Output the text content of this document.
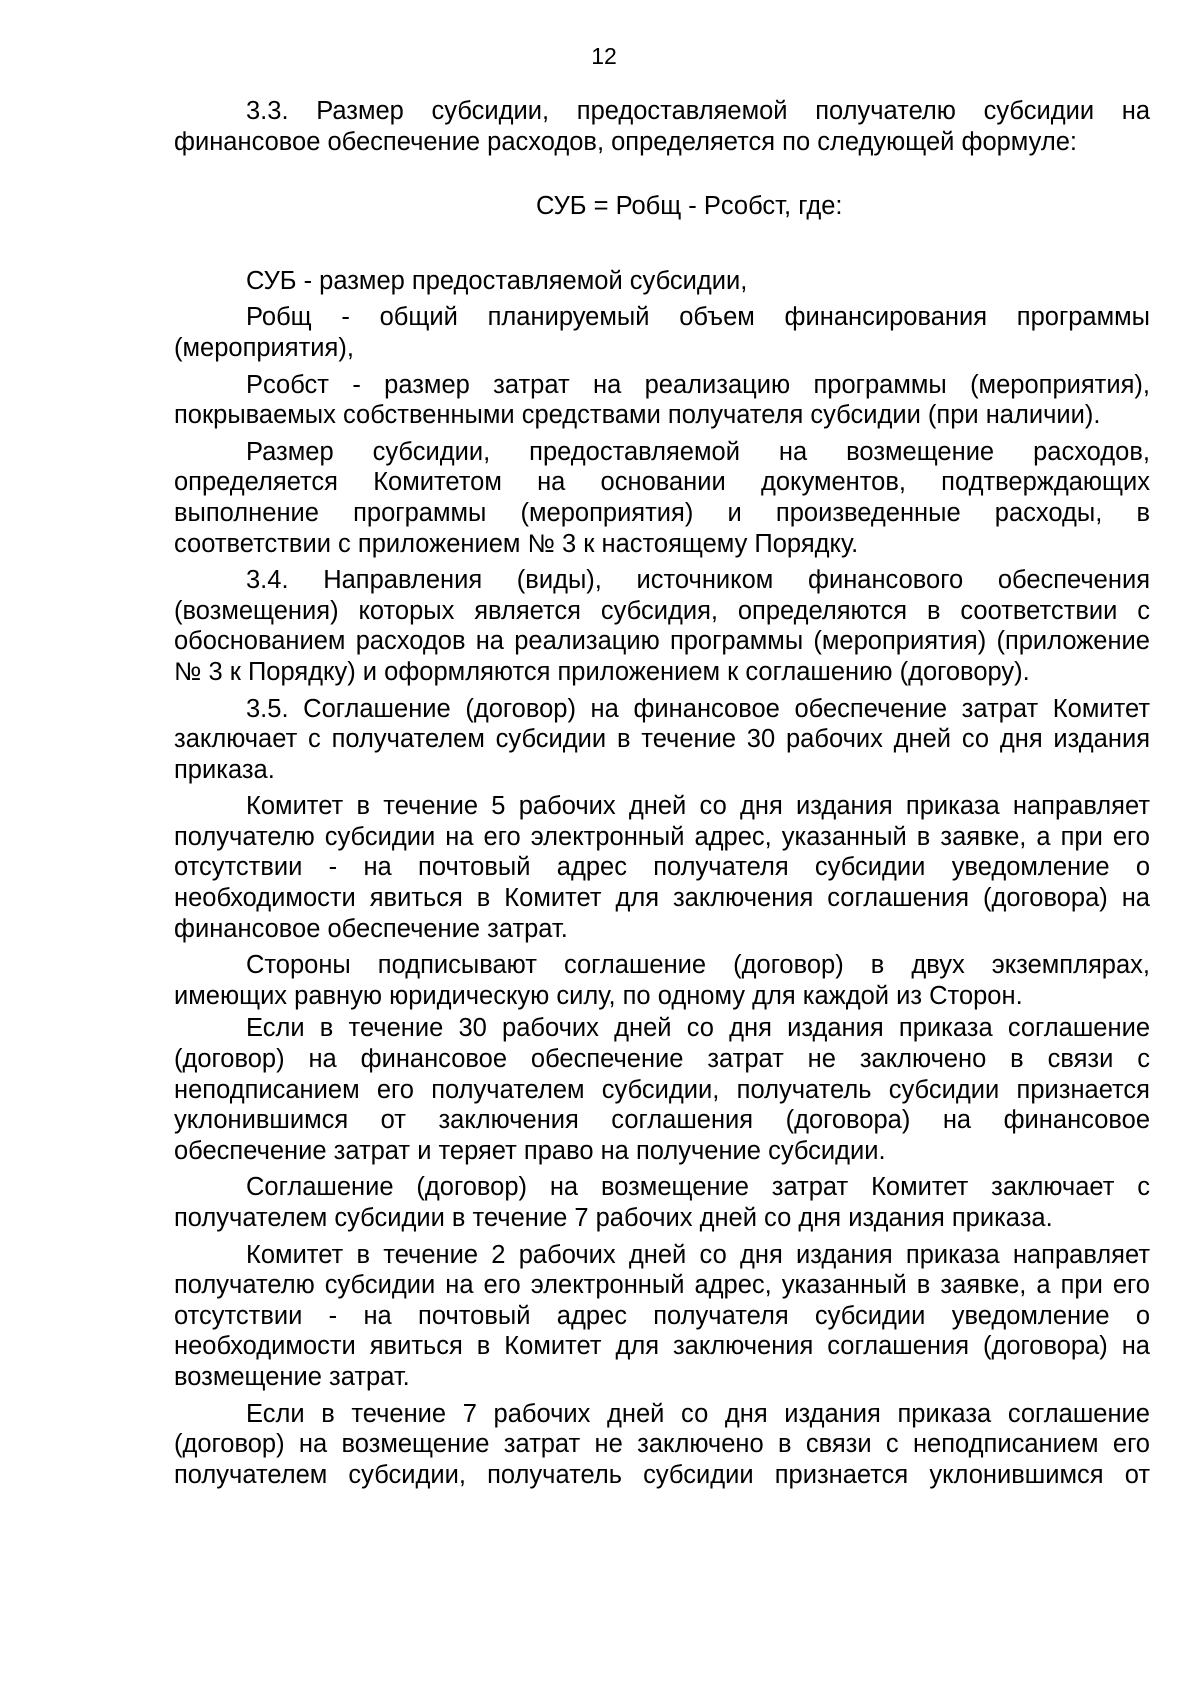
12

3.3. Размер субсидии, предоставляемой получателю субсидии на финансовое обеспечение расходов, определяется по следующей формуле:

СУБ = Робщ - Рсобст, где:

СУБ - размер предоставляемой субсидии,

Робщ - общий планируемый объем финансирования программы (мероприятия),

Рсобст - размер затрат на реализацию программы (мероприятия), покрываемых собственными средствами получателя субсидии (при наличии).

Размер субсидии, предоставляемой на возмещение расходов, определяется Комитетом на основании документов, подтверждающих выполнение программы (мероприятия) и произведенные расходы, в соответствии с приложением № 3 к настоящему Порядку.

3.4. Направления (виды), источником финансового обеспечения (возмещения) которых является субсидия, определяются в соответствии с обоснованием расходов на реализацию программы (мероприятия) (приложение № 3 к Порядку) и оформляются приложением к соглашению (договору).

3.5. Соглашение (договор) на финансовое обеспечение затрат Комитет заключает с получателем субсидии в течение 30 рабочих дней со дня издания приказа.

Комитет в течение 5 рабочих дней со дня издания приказа направляет получателю субсидии на его электронный адрес, указанный в заявке, а при его отсутствии - на почтовый адрес получателя субсидии уведомление о необходимости явиться в Комитет для заключения соглашения (договора) на финансовое обеспечение затрат.

Стороны подписывают соглашение (договор) в двух экземплярах, имеющих равную юридическую силу, по одному для каждой из Сторон.

Если в течение 30 рабочих дней со дня издания приказа соглашение (договор) на финансовое обеспечение затрат не заключено в связи с неподписанием его получателем субсидии, получатель субсидии признается уклонившимся от заключения соглашения (договора) на финансовое обеспечение затрат и теряет право на получение субсидии.

Соглашение (договор) на возмещение затрат Комитет заключает с получателем субсидии в течение 7 рабочих дней со дня издания приказа.

Комитет в течение 2 рабочих дней со дня издания приказа направляет получателю субсидии на его электронный адрес, указанный в заявке, а при его отсутствии - на почтовый адрес получателя субсидии уведомление о необходимости явиться в Комитет для заключения соглашения (договора) на возмещение затрат.

Если в течение 7 рабочих дней со дня издания приказа соглашение (договор) на возмещение затрат не заключено в связи с неподписанием его получателем субсидии, получатель субсидии признается уклонившимся от
